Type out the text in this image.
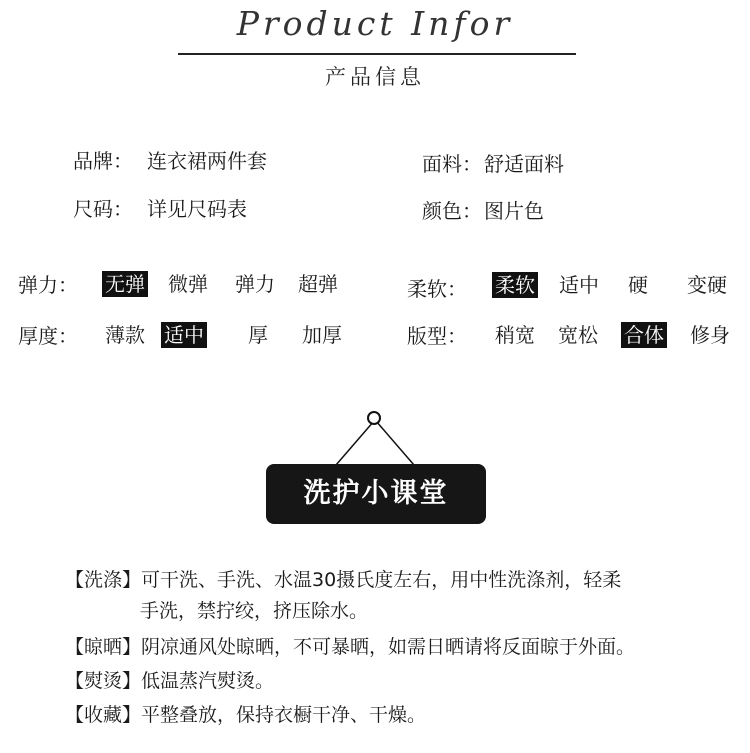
Product Infor
产品信息
品牌： 连衣裙两件套	面料： 舒适面料
尺码： 详见尺码表	颜色： 图片色
弹力： 无弹 微弹 弹力 超弹	柔软： 柔软 适中 硬 变硬
厚度： 薄款 适中 厚 加厚	版型： 稍宽 宽松 合体 修身
洗护小课堂
【洗涤】可干洗、手洗、水温30摄氏度左右，用中性洗涤剂，轻柔
手洗，禁拧绞，挤压除水。
【晾晒】阴凉通风处晾晒，不可暴晒，如需日晒请将反面晾于外面。
【熨烫】低温蒸汽熨烫。
【收藏】平整叠放，保持衣橱干净、干燥。
